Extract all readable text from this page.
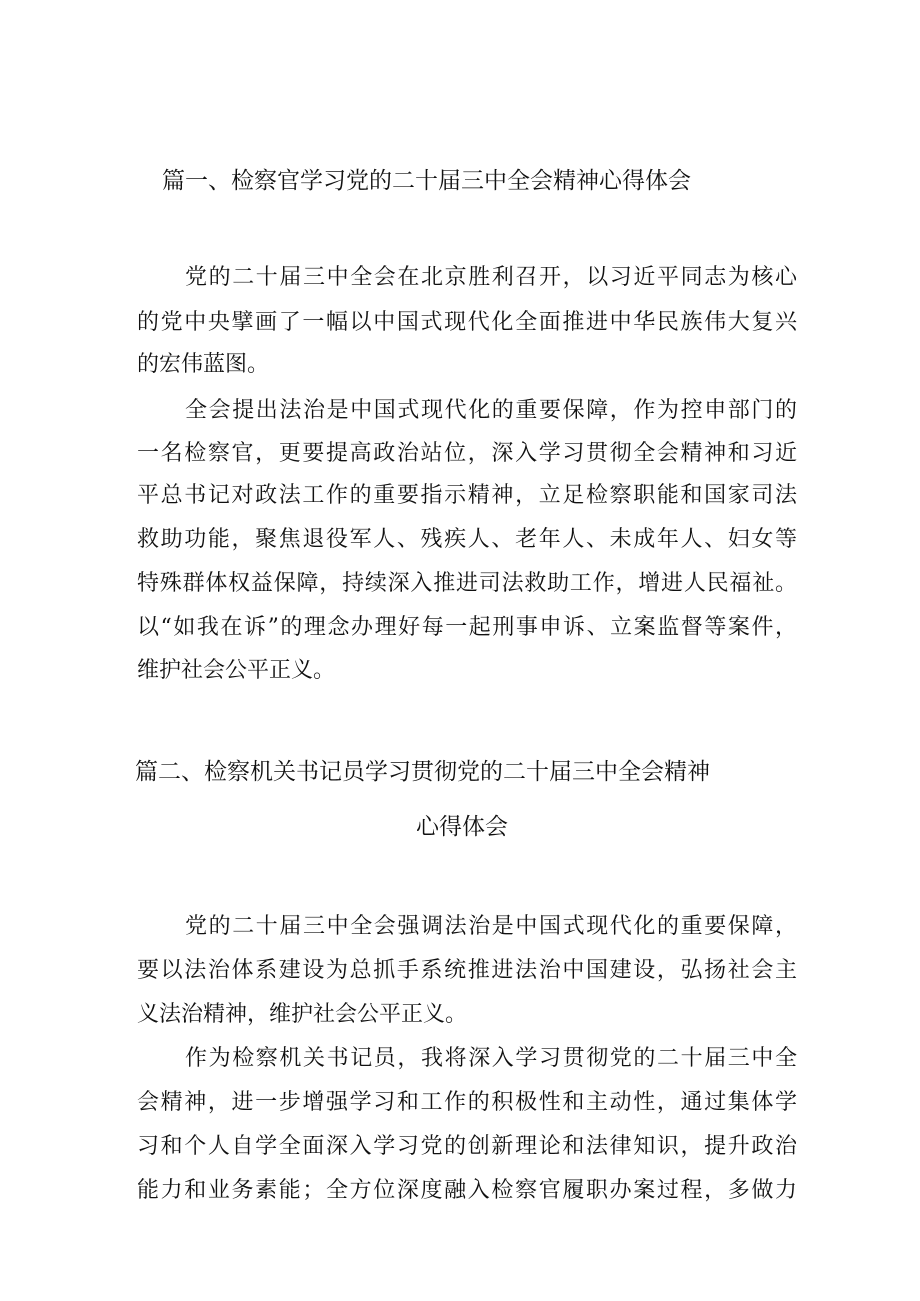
篇一、检察官学习党的二十届三中全会精神心得体会
党的二十届三中全会在北京胜利召开，以习近平同志为核心
的党中央擘画了一幅以中国式现代化全面推进中华民族伟大复兴
的宏伟蓝图。
全会提出法治是中国式现代化的重要保障，作为控申部门的
一名检察官，更要提高政治站位，深入学习贯彻全会精神和习近
平总书记对政法工作的重要指示精神，立足检察职能和国家司法
救助功能，聚焦退役军人、残疾人、老年人、未成年人、妇女等
特殊群体权益保障，持续深入推进司法救助工作，增进人民福祉。
以“如我在诉”的理念办理好每一起刑事申诉、立案监督等案件，
维护社会公平正义。
篇二、检察机关书记员学习贯彻党的二十届三中全会精神
心得体会
党的二十届三中全会强调法治是中国式现代化的重要保障，
要以法治体系建设为总抓手系统推进法治中国建设，弘扬社会主
义法治精神，维护社会公平正义。
作为检察机关书记员，我将深入学习贯彻党的二十届三中全
会精神，进一步增强学习和工作的积极性和主动性，通过集体学
习和个人自学全面深入学习党的创新理论和法律知识，提升政治
能力和业务素能；全方位深度融入检察官履职办案过程，多做力
